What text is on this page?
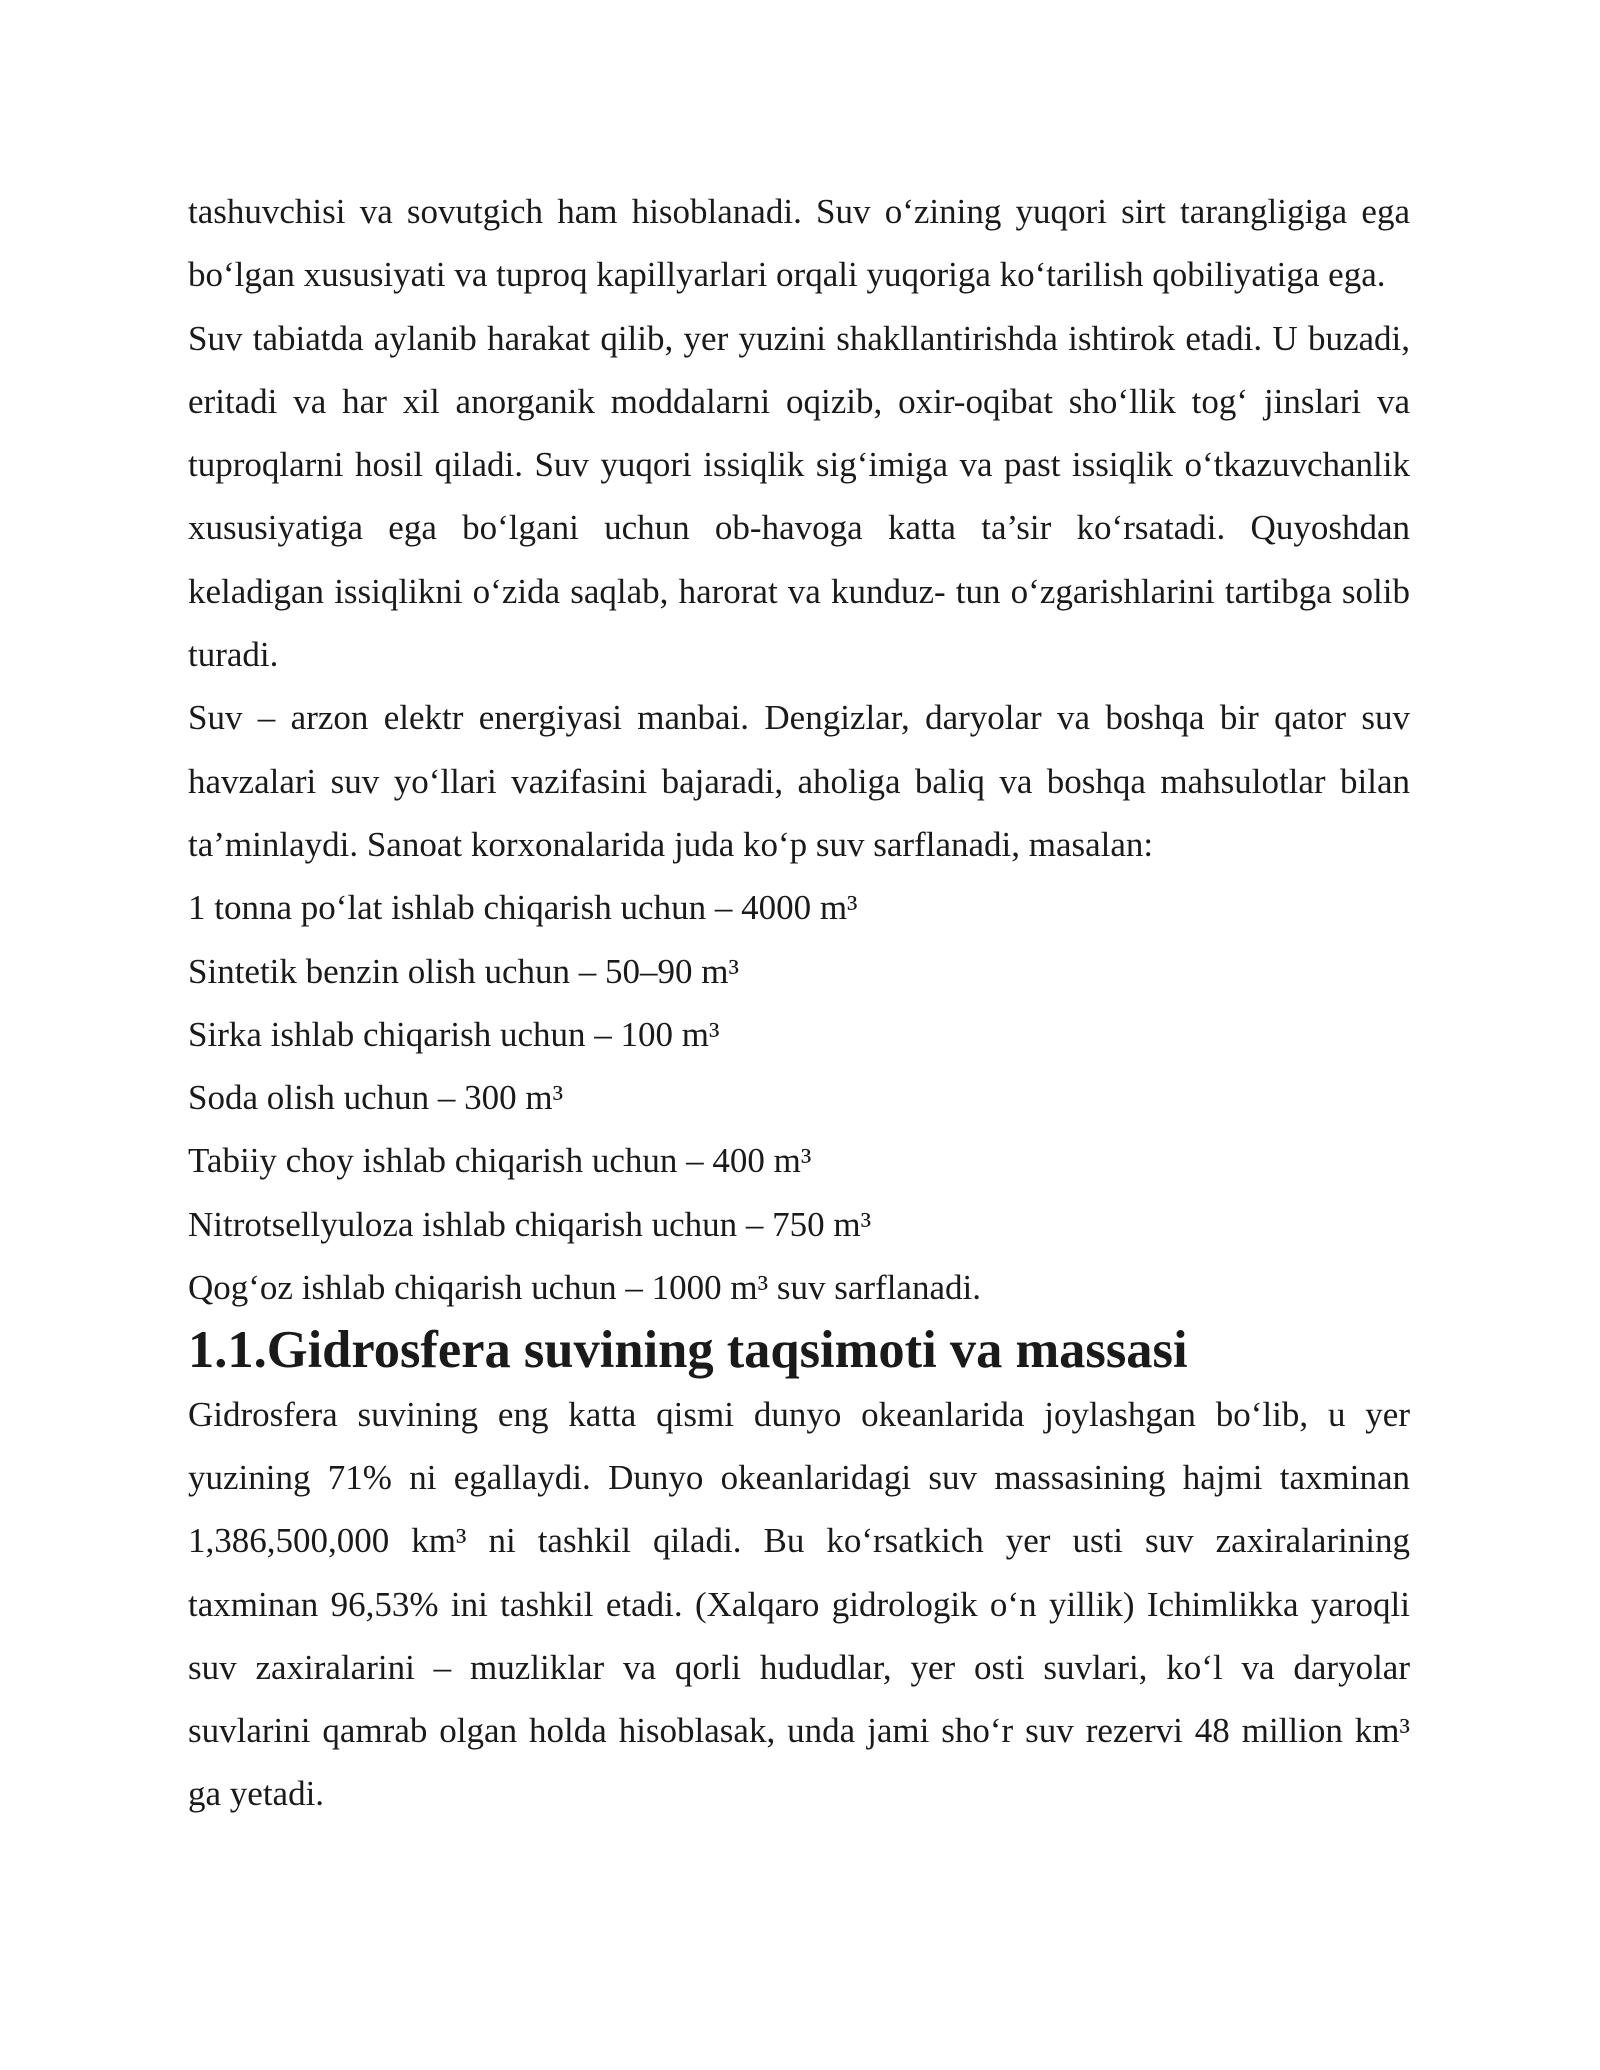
tashuvchisi va sovutgich ham hisoblanadi. Suv o‘zining yuqori sirt tarangligiga ega bo‘lgan xususiyati va tuproq kapillyarlari orqali yuqoriga ko‘tarilish qobiliyatiga ega.

Suv tabiatda aylanib harakat qilib, yer yuzini shakllantirishda ishtirok etadi. U buzadi, eritadi va har xil anorganik moddalarni oqizib, oxir-oqibat sho‘llik tog‘ jinslari va tuproqlarni hosil qiladi. Suv yuqori issiqlik sig‘imiga va past issiqlik o‘tkazuvchanlik xususiyatiga ega bo‘lgani uchun ob-havoga katta ta’sir ko‘rsatadi. Quyoshdan keladigan issiqlikni o‘zida saqlab, harorat va kunduz- tun o‘zgarishlarini tartibga solib turadi.

Suv – arzon elektr energiyasi manbai. Dengizlar, daryolar va boshqa bir qator suv havzalari suv yo‘llari vazifasini bajaradi, aholiga baliq va boshqa mahsulotlar bilan ta’minlaydi. Sanoat korxonalarida juda ko‘p suv sarflanadi, masalan:

1 tonna po‘lat ishlab chiqarish uchun – 4000 m³

Sintetik benzin olish uchun – 50–90 m³

Sirka ishlab chiqarish uchun – 100 m³

Soda olish uchun – 300 m³

Tabiiy choy ishlab chiqarish uchun – 400 m³

Nitrotsellyuloza ishlab chiqarish uchun – 750 m³

Qog‘oz ishlab chiqarish uchun – 1000 m³ suv sarflanadi.

1.1.Gidrosfera suvining taqsimoti va massasi

Gidrosfera suvining eng katta qismi dunyo okeanlarida joylashgan bo‘lib, u yer yuzining 71% ni egallaydi. Dunyo okeanlaridagi suv massasining hajmi taxminan 1,386,500,000 km³ ni tashkil qiladi. Bu ko‘rsatkich yer usti suv zaxiralarining taxminan 96,53% ini tashkil etadi. (Xalqaro gidrologik o‘n yillik) Ichimlikka yaroqli suv zaxiralarini – muzliklar va qorli hududlar, yer osti suvlari, ko‘l va daryolar suvlarini qamrab olgan holda hisoblasak, unda jami sho‘r suv rezervi 48 million km³ ga yetadi.
